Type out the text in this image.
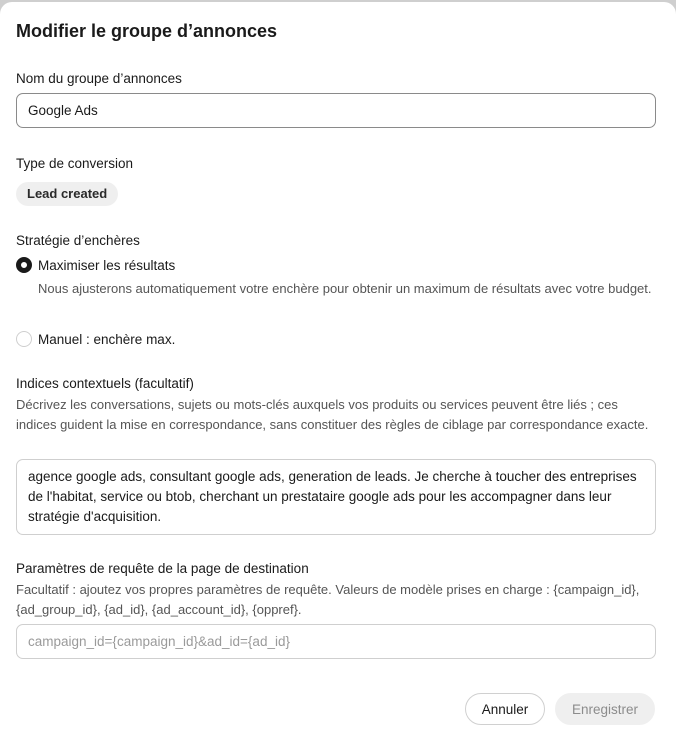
Modifier le groupe d’annonces
Nom du groupe d’annonces
Google Ads
Type de conversion
Lead created
Stratégie d’enchères
Maximiser les résultats
Nous ajusterons automatiquement votre enchère pour obtenir un maximum de résultats avec votre budget.
Manuel : enchère max.
Indices contextuels (facultatif)
Décrivez les conversations, sujets ou mots-clés auxquels vos produits ou services peuvent être liés ; ces indices guident la mise en correspondance, sans constituer des règles de ciblage par correspondance exacte.
agence google ads, consultant google ads, generation de leads. Je cherche à toucher des entreprises de l'habitat, service ou btob, cherchant un prestataire google ads pour les accompagner dans leur stratégie d'acquisition.
Paramètres de requête de la page de destination
Facultatif : ajoutez vos propres paramètres de requête. Valeurs de modèle prises en charge : {campaign_id}, {ad_group_id}, {ad_id}, {ad_account_id}, {oppref}.
campaign_id={campaign_id}&ad_id={ad_id}
Annuler	Enregistrer
